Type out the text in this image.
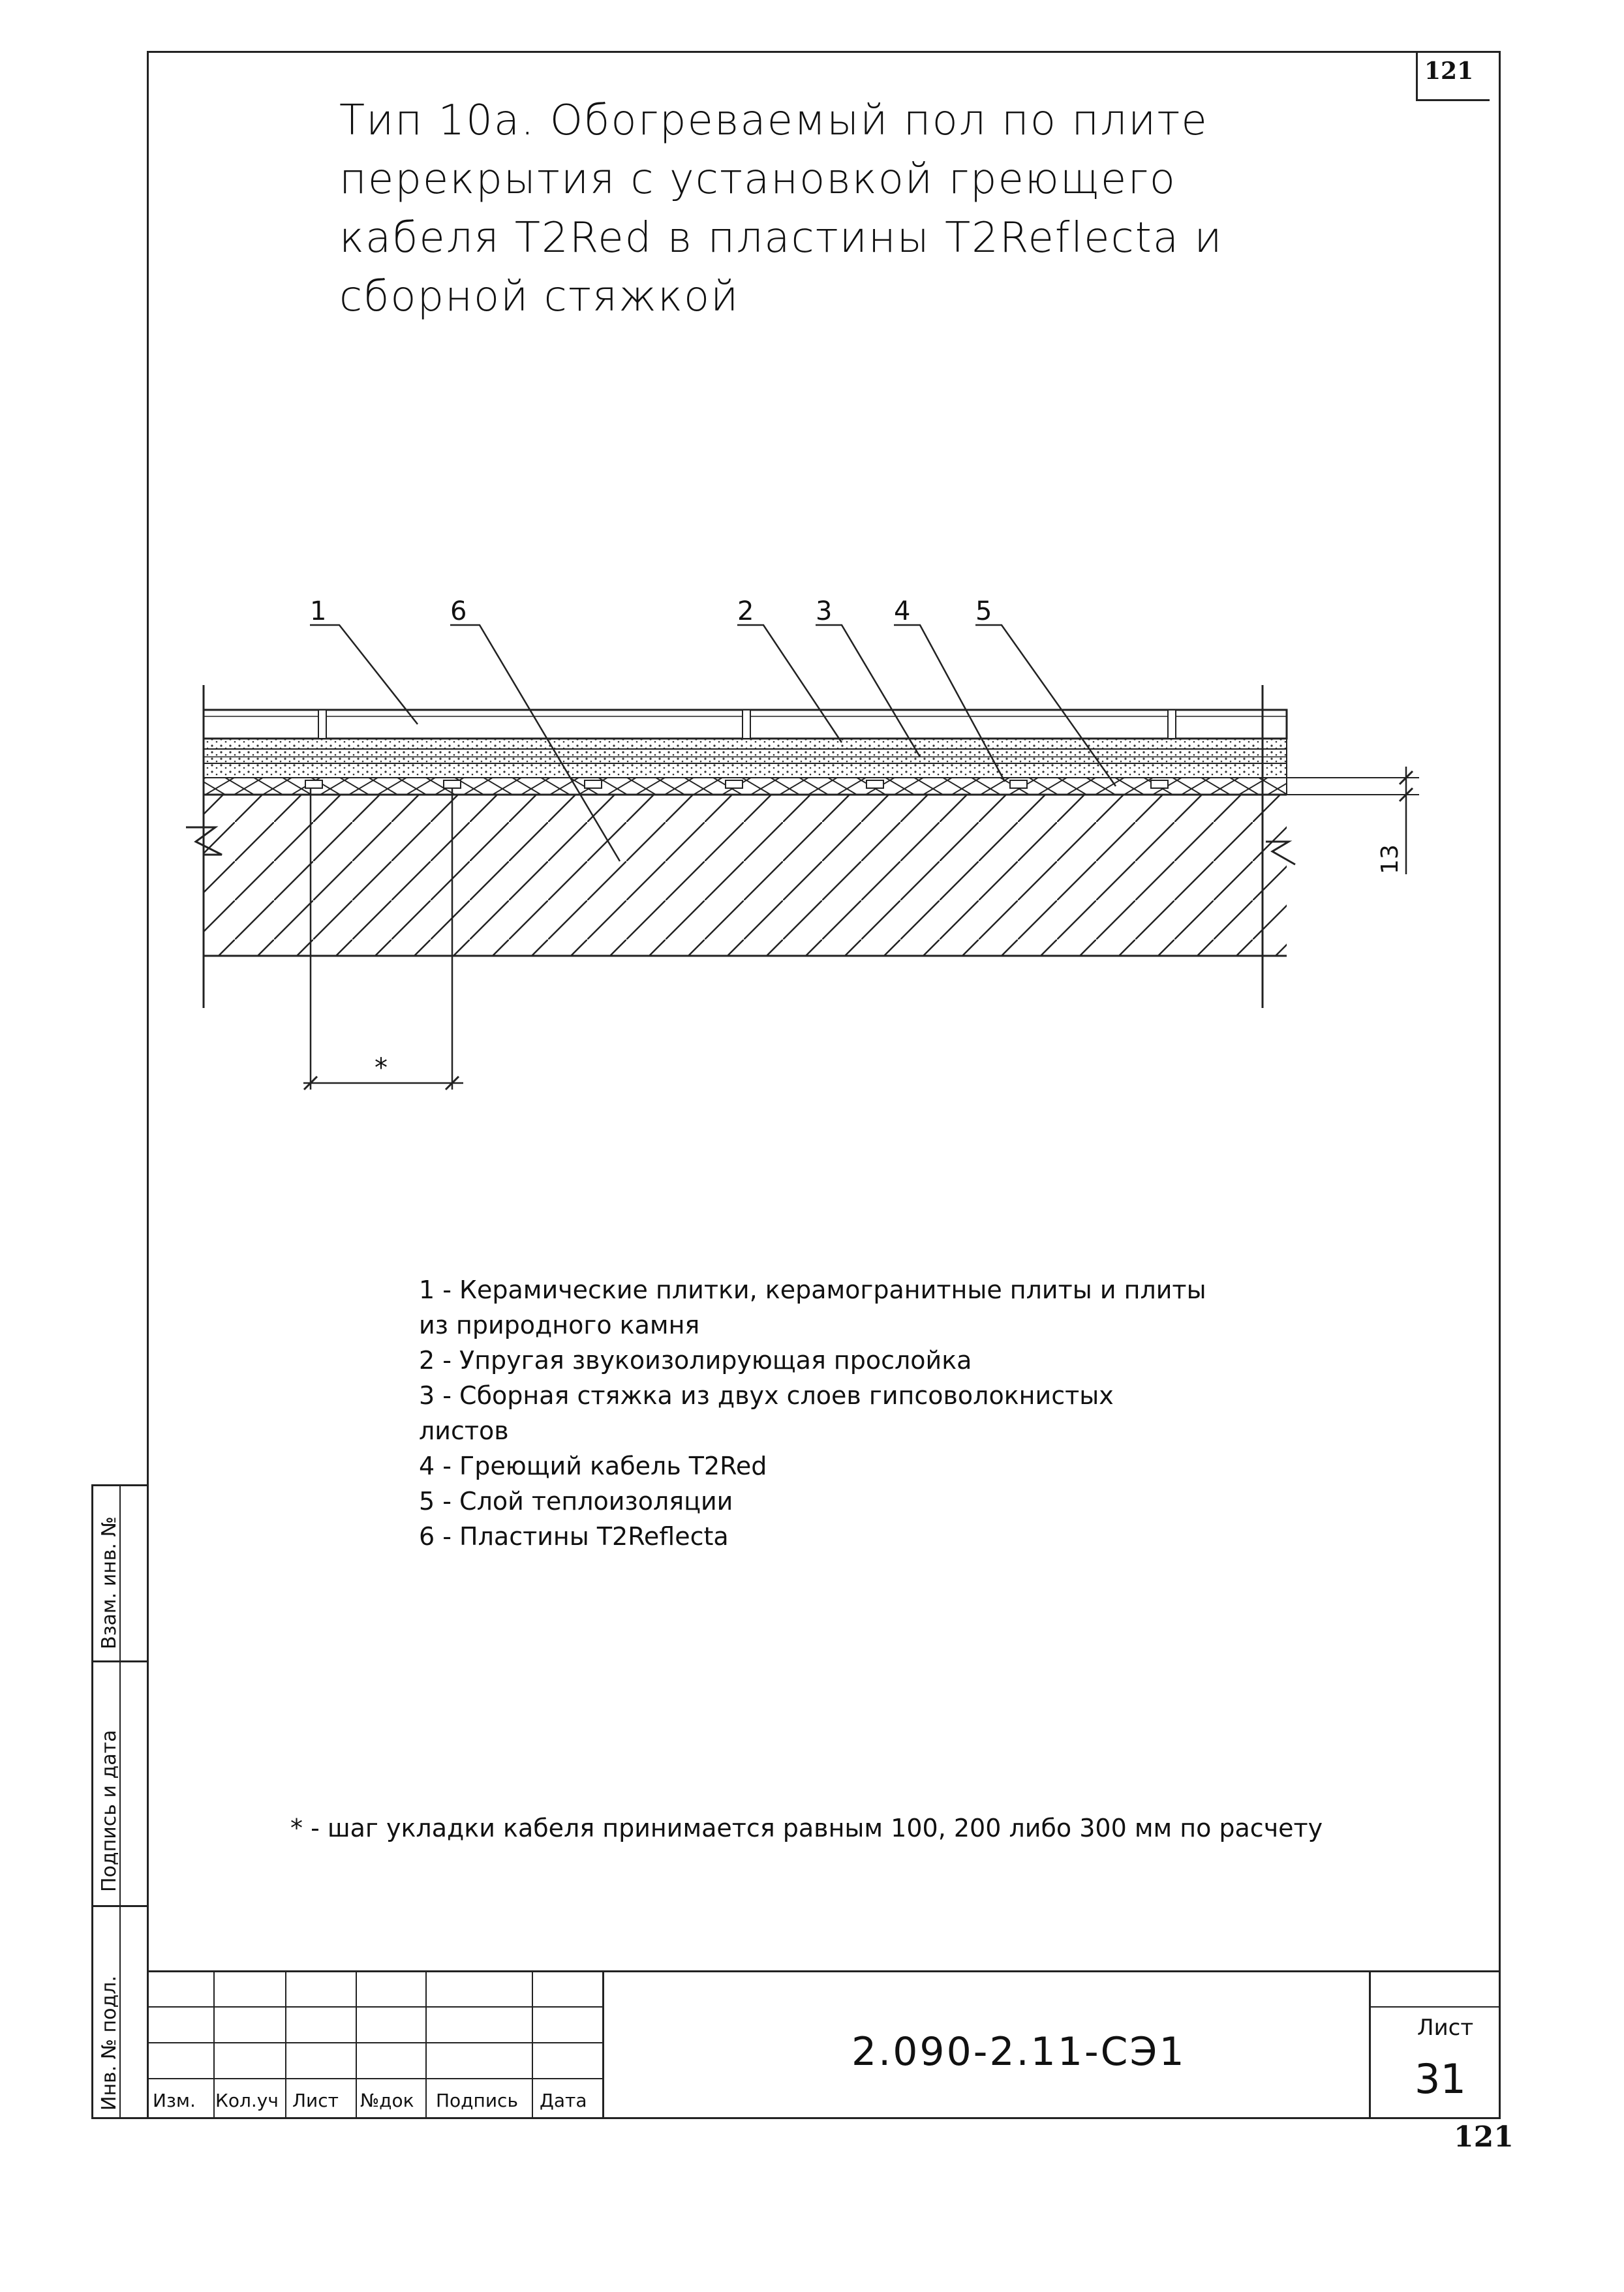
121
Тип 10а. Обогреваемый пол по плите
перекрытия с установкой греющего
кабеля T2Red в пластины T2Reflecta и
сборной стяжкой
1	6	2 3 4 5
*
13
1 - Керамические плитки, керамогранитные плиты и плиты
из природного камня
2 - Упругая звукоизолирующая прослойка
3 - Сборная стяжка из двух слоев гипсоволокнистых
листов
4 - Греющий кабель T2Red
5 - Слой теплоизоляции
6 - Пластины T2Reflecta
* - шаг укладки кабеля принимается равным 100, 200 либо 300 мм по расчету
Взам. инв. №
Подпись и дата
Инв. № подл. Изм. Кол.уч Лист №док Подпись Дата
2.090-2.11-СЭ1
Лист
31
121
